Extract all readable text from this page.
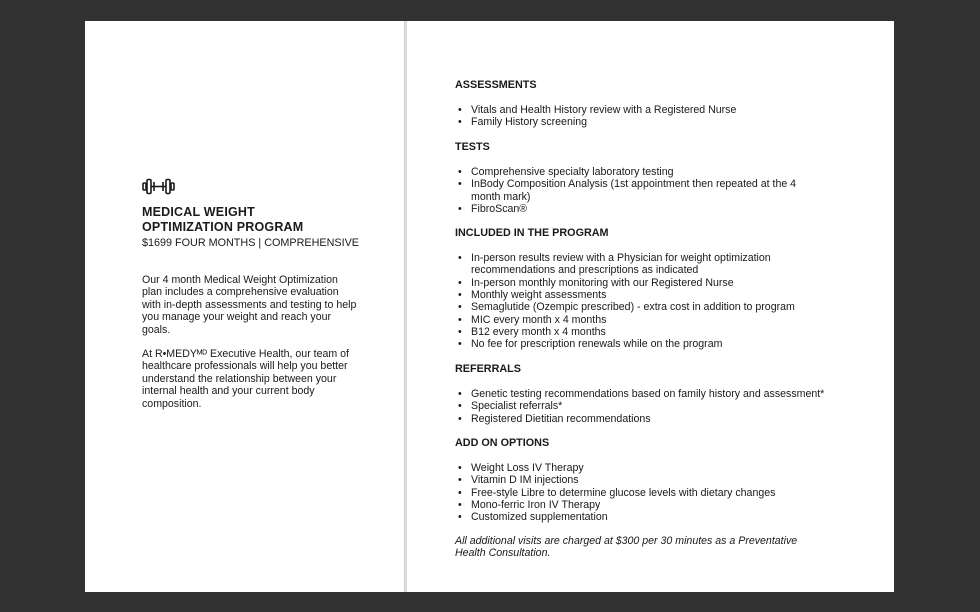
MEDICAL WEIGHT
OPTIMIZATION PROGRAM
$1699 FOUR MONTHS | COMPREHENSIVE
Our 4 month Medical Weight Optimization
plan includes a comprehensive evaluation
with in-depth assessments and testing to help
you manage your weight and reach your
goals.
At R•MEDYᴹᴰ Executive Health, our team of
healthcare professionals will help you better
understand the relationship between your
internal health and your current body
composition.
ASSESSMENTS
• Vitals and Health History review with a Registered Nurse
• Family History screening
TESTS
• Comprehensive specialty laboratory testing
• InBody Composition Analysis (1st appointment then repeated at the 4
month mark)
• FibroScan®
INCLUDED IN THE PROGRAM
• In-person results review with a Physician for weight optimization
recommendations and prescriptions as indicated
• In-person monthly monitoring with our Registered Nurse
• Monthly weight assessments
• Semaglutide (Ozempic prescribed) - extra cost in addition to program
• MIC every month x 4 months
• B12 every month x 4 months
• No fee for prescription renewals while on the program
REFERRALS
• Genetic testing recommendations based on family history and assessment*
• Specialist referrals*
• Registered Dietitian recommendations
ADD ON OPTIONS
• Weight Loss IV Therapy
• Vitamin D IM injections
• Free-style Libre to determine glucose levels with dietary changes
• Mono-ferric Iron IV Therapy
• Customized supplementation
All additional visits are charged at $300 per 30 minutes as a Preventative
Health Consultation.
